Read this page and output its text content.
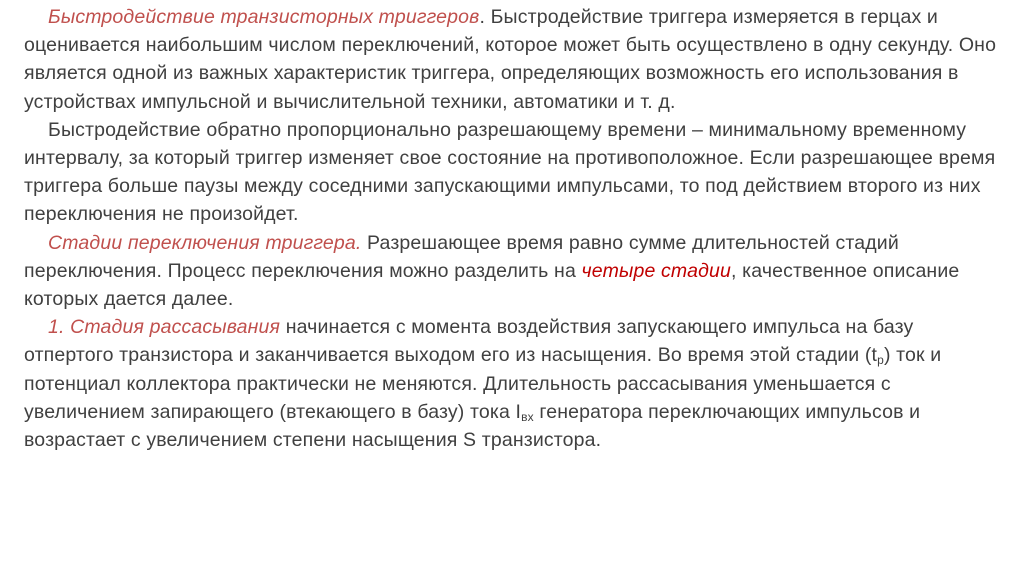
Быстродействие транзисторных триггеров. Быстродействие триггера измеряется в герцах и оценивается наибольшим числом переключений, которое может быть осуществлено в одну секунду. Оно является одной из важных характеристик триггера, определяющих возможность его использования в устройствах импульсной и вычислительной техники, автоматики и т. д.

Быстродействие обратно пропорционально разрешающему времени – минимальному временному интервалу, за который триггер изменяет свое состояние на противоположное. Если разрешающее время триггера больше паузы между соседними запускающими импульсами, то под действием второго из них переключения не произойдет.

Стадии переключения триггера. Разрешающее время равно сумме длительностей стадий переключения. Процесс переключения можно разделить на четыре стадии, качественное описание которых дается далее.

1. Стадия рассасывания начинается с момента воздействия запускающего импульса на базу отпертого транзистора и заканчивается выходом его из насыщения. Во время этой стадии $(t_р)$ ток и потенциал коллектора практически не меняются. Длительность рассасывания уменьшается с увеличением запирающего (втекающего в базу) тока $I_{вх}$ генератора переключающих импульсов и возрастает с увеличением степени насыщения S транзистора.
